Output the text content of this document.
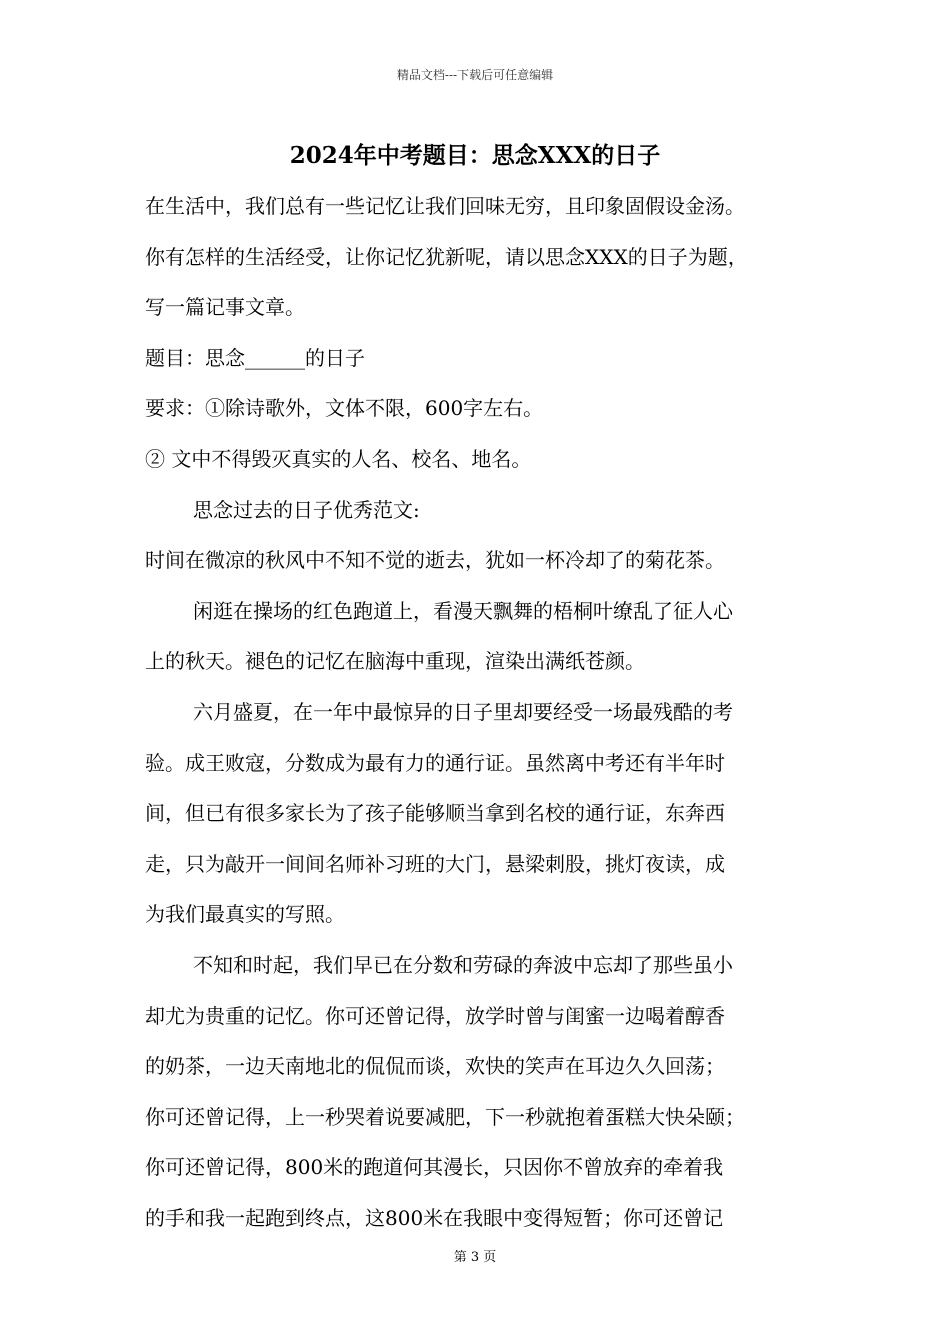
精品文档---下载后可任意编辑
2024年中考题目：思念XXX的日子

在生活中，我们总有一些记忆让我们回味无穷，且印象固假设金汤。

你有怎样的生活经受，让你记忆犹新呢，请以思念XXX的日子为题，

写一篇记事文章。

题目：思念______的日子

要求：①除诗歌外，文体不限，600字左右。

② 文中不得毁灭真实的人名、校名、地名。

思念过去的日子优秀范文:

时间在微凉的秋风中不知不觉的逝去，犹如一杯冷却了的菊花茶。

闲逛在操场的红色跑道上，看漫天飘舞的梧桐叶缭乱了征人心

上的秋天。褪色的记忆在脑海中重现，渲染出满纸苍颜。

六月盛夏，在一年中最惊异的日子里却要经受一场最残酷的考

验。成王败寇，分数成为最有力的通行证。虽然离中考还有半年时

间，但已有很多家长为了孩子能够顺当拿到名校的通行证，东奔西

走，只为敲开一间间名师补习班的大门，悬梁刺股，挑灯夜读，成

为我们最真实的写照。

不知和时起，我们早已在分数和劳碌的奔波中忘却了那些虽小

却尤为贵重的记忆。你可还曾记得，放学时曾与闺蜜一边喝着醇香

的奶茶，一边天南地北的侃侃而谈，欢快的笑声在耳边久久回荡；

你可还曾记得，上一秒哭着说要减肥，下一秒就抱着蛋糕大快朵颐；

你可还曾记得，800米的跑道何其漫长，只因你不曾放弃的牵着我

的手和我一起跑到终点，这800米在我眼中变得短暂；你可还曾记

第 3 页
